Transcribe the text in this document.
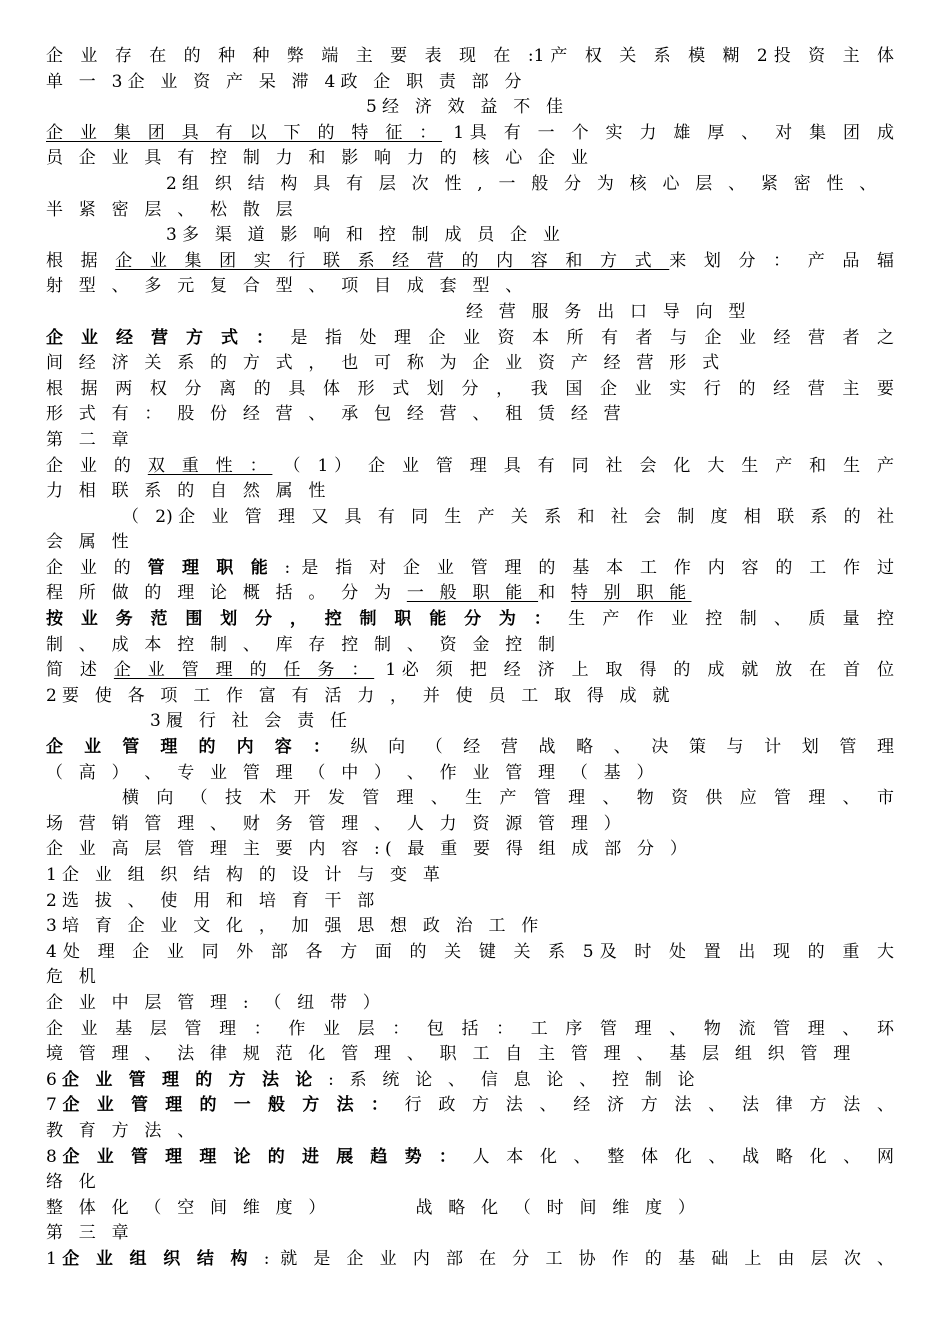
企 业 存 在 的 种 种 弊 端 主 要 表 现 在 :1产 权 关 系 模 糊 2投 资 主 体
单 一 3企 业 资 产 呆 滞 4政 企 职 责 部 分
5经 济 效 益 不 佳
企 业 集 团 具 有 以 下 的 特 征 ： 1具 有 一 个 实 力 雄 厚 、 对 集 团 成
员 企 业 具 有 控 制 力 和 影 响 力 的 核 心 企 业
2组 织 结 构 具 有 层 次 性 , 一 般 分 为 核 心 层 、 紧 密 性 、
半 紧 密 层 、 松 散 层
3多 渠 道 影 响 和 控 制 成 员 企 业
根 据 企 业 集 团 实 行 联 系 经 营 的 内 容 和 方 式 来 划 分 ： 产 品 辐
射 型 、 多 元 复 合 型 、 项 目 成 套 型 、
经 营 服 务 出 口 导 向 型
企 业 经 营 方 式 ： 是 指 处 理 企 业 资 本 所 有 者 与 企 业 经 营 者 之
间 经 济 关 系 的 方 式 ， 也 可 称 为 企 业 资 产 经 营 形 式
根 据 两 权 分 离 的 具 体 形 式 划 分 ， 我 国 企 业 实 行 的 经 营 主 要
形 式 有 ： 股 份 经 营 、 承 包 经 营 、 租 赁 经 营
第 二 章
企 业 的 双 重 性 ： （ 1） 企 业 管 理 具 有 同 社 会 化 大 生 产 和 生 产
力 相 联 系 的 自 然 属 性
（ 2)企 业 管 理 又 具 有 同 生 产 关 系 和 社 会 制 度 相 联 系 的 社
会 属 性
企 业 的 管 理 职 能 : 是 指 对 企 业 管 理 的 基 本 工 作 内 容 的 工 作 过
程 所 做 的 理 论 概 括 。 分 为 一 般 职 能 和 特 别 职 能
按 业 务 范 围 划 分 ， 控 制 职 能 分 为 ： 生 产 作 业 控 制 、 质 量 控
制 、 成 本 控 制 、 库 存 控 制 、 资 金 控 制
简 述 企 业 管 理 的 任 务 ： 1必 须 把 经 济 上 取 得 的 成 就 放 在 首 位
2要 使 各 项 工 作 富 有 活 力 ， 并 使 员 工 取 得 成 就
3履 行 社 会 责 任
企 业 管 理 的 内 容 ： 纵 向 （ 经 营 战 略 、 决 策 与 计 划 管 理
（ 高 ） 、 专 业 管 理 （ 中 ） 、 作 业 管 理 （ 基 ）
横 向 （ 技 术 开 发 管 理 、 生 产 管 理 、 物 资 供 应 管 理 、 市
场 营 销 管 理 、 财 务 管 理 、 人 力 资 源 管 理 ）
企 业 高 层 管 理 主 要 内 容 :( 最 重 要 得 组 成 部 分 ）
1企 业 组 织 结 构 的 设 计 与 变 革
2选 拔 、 使 用 和 培 育 干 部
3培 育 企 业 文 化 ， 加 强 思 想 政 治 工 作
4处 理 企 业 同 外 部 各 方 面 的 关 键 关 系 5及 时 处 置 出 现 的 重 大
危 机
企 业 中 层 管 理 : （ 纽 带 ）
企 业 基 层 管 理 ： 作 业 层 ： 包 括 ： 工 序 管 理 、 物 流 管 理 、 环
境 管 理 、 法 律 规 范 化 管 理 、 职 工 自 主 管 理 、 基 层 组 织 管 理
6企 业 管 理 的 方 法 论 : 系 统 论 、 信 息 论 、 控 制 论
7企 业 管 理 的 一 般 方 法 ： 行 政 方 法 、 经 济 方 法 、 法 律 方 法 、
教 育 方 法 、
8企 业 管 理 理 论 的 进 展 趋 势 ： 人 本 化 、 整 体 化 、 战 略 化 、 网
络 化
整 体 化 （ 空 间 维 度 ）        战 略 化 （ 时 间 维 度 ）
第 三 章
1企 业 组 织 结 构 : 就 是 企 业 内 部 在 分 工 协 作 的 基 础 上 由 层 次 、
